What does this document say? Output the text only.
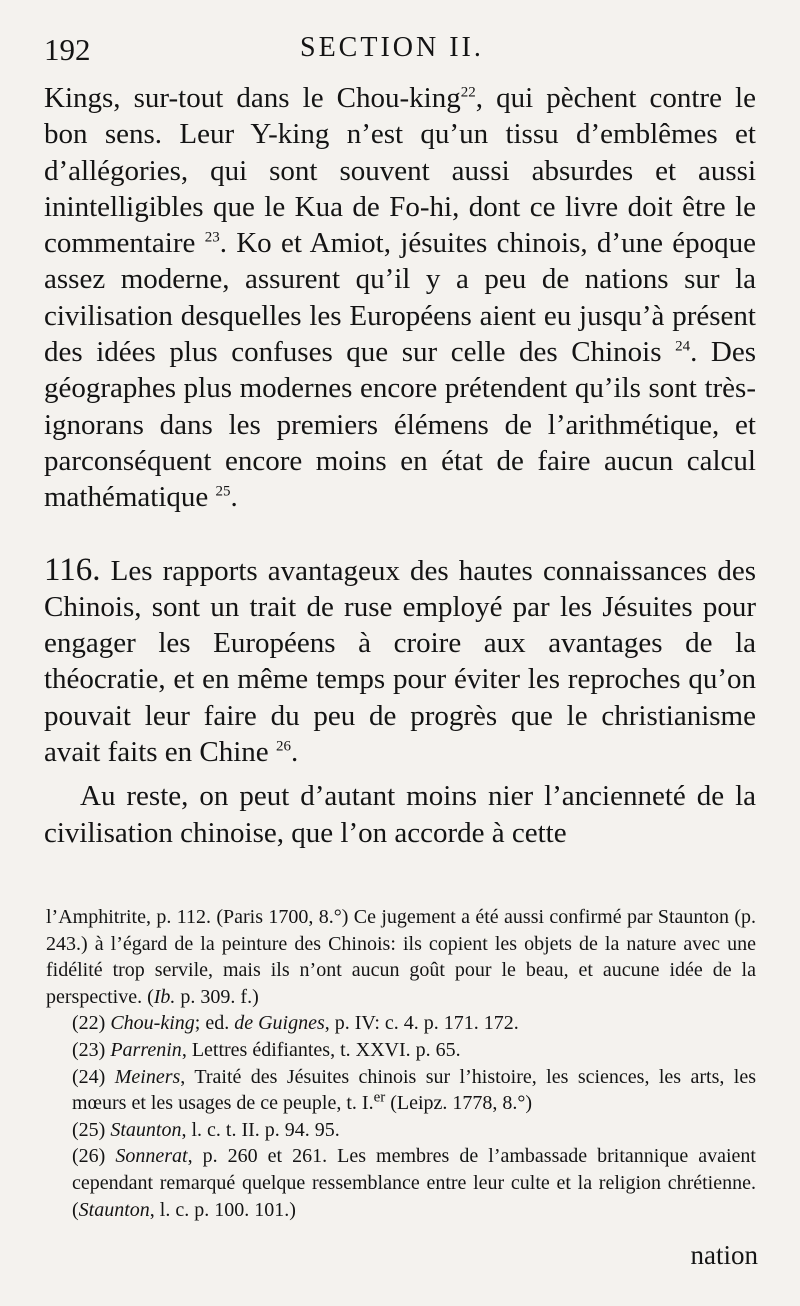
192	SECTION II.

Kings, sur-tout dans le Chou-king$^{22}$, qui pèchent contre le bon sens. Leur Y-king n’est qu’un tissu d’emblêmes et d’allégories, qui sont souvent aussi absurdes et aussi inintelligibles que le Kua de Fo-hi, dont ce livre doit être le commentaire $^{23}$. Ko et Amiot, jésuites chinois, d’une époque assez moderne, assurent qu’il y a peu de nations sur la civilisation desquelles les Européens aient eu jusqu’à présent des idées plus confuses que sur celle des Chinois $^{24}$. Des géographes plus modernes encore prétendent qu’ils sont très-ignorans dans les premiers élémens de l’arithmétique, et parconséquent encore moins en état de faire aucun calcul mathématique $^{25}$.

116. Les rapports avantageux des hautes connaissances des Chinois, sont un trait de ruse employé par les Jésuites pour engager les Européens à croire aux avantages de la théocratie, et en même temps pour éviter les reproches qu’on pouvait leur faire du peu de progrès que le christianisme avait faits en Chine $^{26}$.

Au reste, on peut d’autant moins nier l’ancienneté de la civilisation chinoise, que l’on accorde à cette

l’Amphitrite, p. 112. (Paris 1700, 8.°) Ce jugement a été aussi confirmé par Staunton (p. 243.) à l’égard de la peinture des Chinois: ils copient les objets de la nature avec une fidélité trop servile, mais ils n’ont aucun goût pour le beau, et aucune idée de la perspective. (Ib. p. 309. f.)

(22) Chou-king; ed. de Guignes, p. IV: c. 4. p. 171. 172.

(23) Parrenin, Lettres édifiantes, t. XXVI. p. 65.

(24) Meiners, Traité des Jésuites chinois sur l’histoire, les sciences, les arts, les mœurs et les usages de ce peuple, t. I.$^{er}$ (Leipz. 1778, 8.°)

(25) Staunton, l. c. t. II. p. 94. 95.

(26) Sonnerat, p. 260 et 261. Les membres de l’ambassade britannique avaient cependant remarqué quelque ressemblance entre leur culte et la religion chrétienne. (Staunton, l. c. p. 100. 101.)

nation
